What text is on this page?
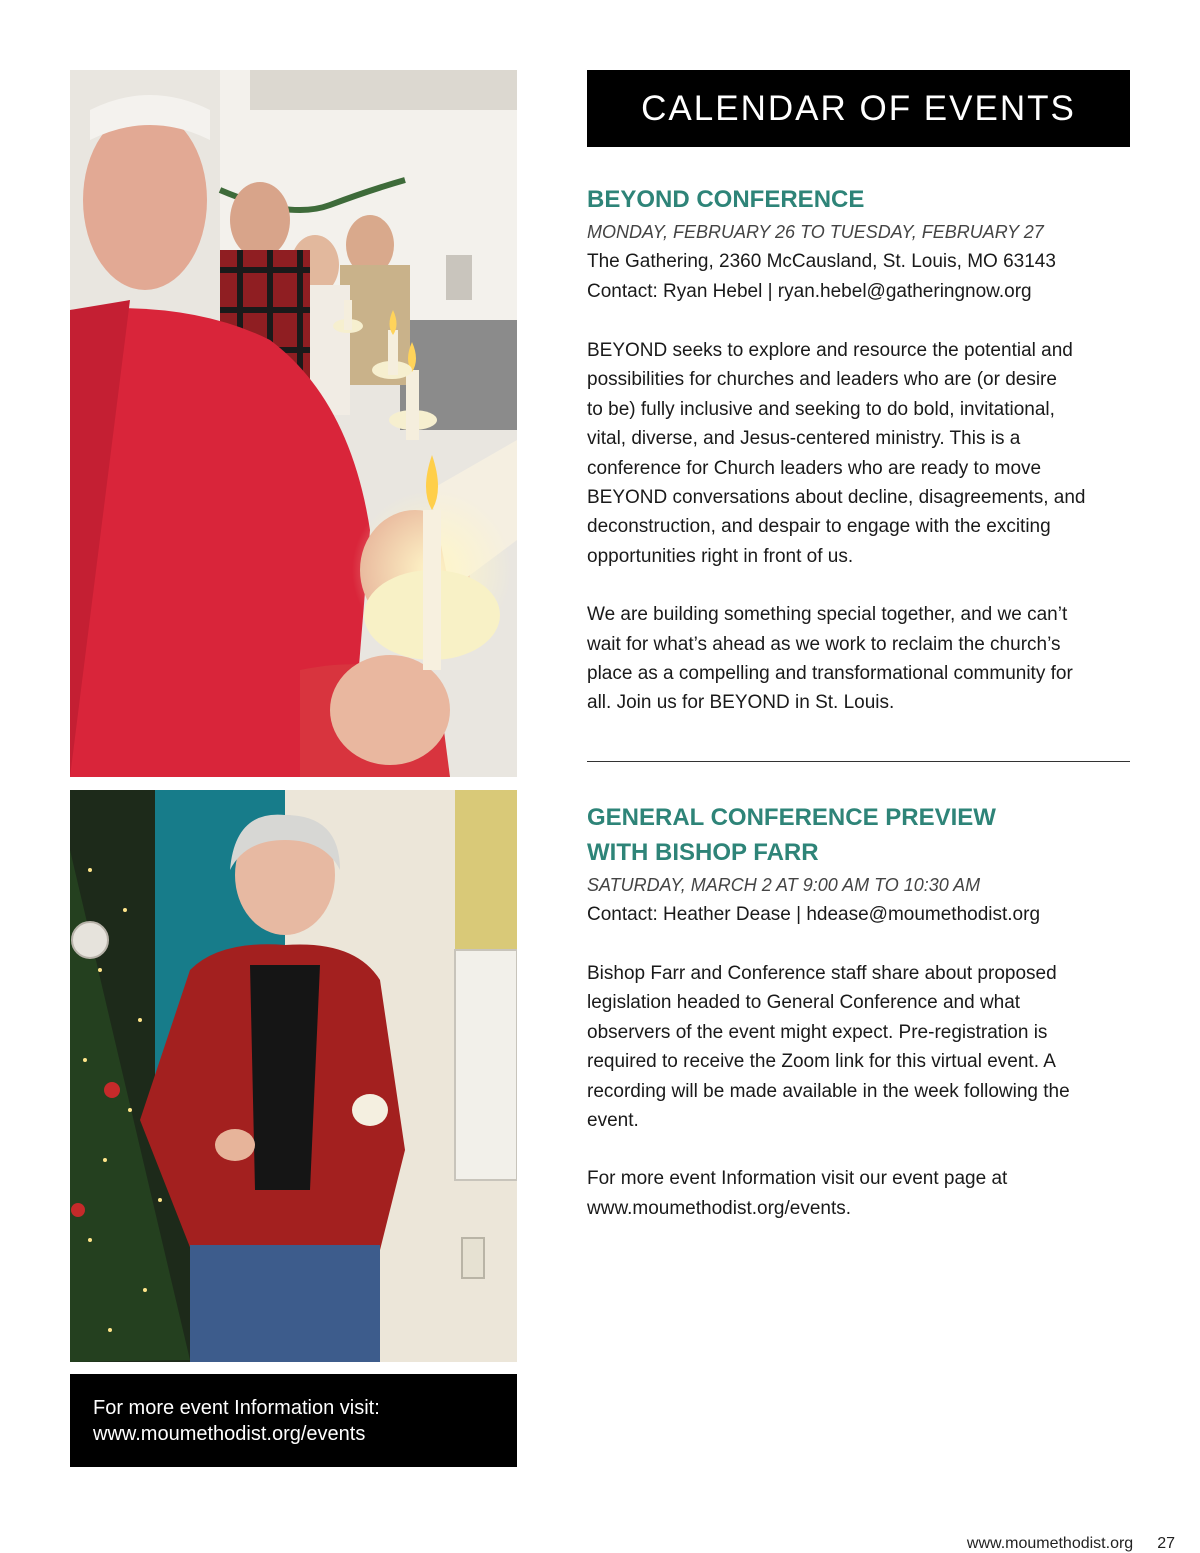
For more event Information visit:
www.moumethodist.org/events
CALENDAR OF EVENTS
BEYOND CONFERENCE
MONDAY, FEBRUARY 26 TO TUESDAY, FEBRUARY 27
The Gathering, 2360 McCausland, St. Louis, MO 63143
Contact: Ryan Hebel | ryan.hebel@gatheringnow.org

BEYOND seeks to explore and resource the potential and
possibilities for churches and leaders who are (or desire
to be) fully inclusive and seeking to do bold, invitational,
vital, diverse, and Jesus-centered ministry. This is a
conference for Church leaders who are ready to move
BEYOND conversations about decline, disagreements, and
deconstruction, and despair to engage with the exciting
opportunities right in front of us.

We are building something special together, and we can’t
wait for what’s ahead as we work to reclaim the church’s
place as a compelling and transformational community for
all. Join us for BEYOND in St. Louis.

GENERAL CONFERENCE PREVIEW
WITH BISHOP FARR
SATURDAY, MARCH 2 AT 9:00 AM TO 10:30 AM
Contact: Heather Dease | hdease@moumethodist.org

Bishop Farr and Conference staff share about proposed
legislation headed to General Conference and what
observers of the event might expect. Pre-registration is
required to receive the Zoom link for this virtual event. A
recording will be made available in the week following the
event.

For more event Information visit our event page at
www.moumethodist.org/events.

www.moumethodist.org 27
